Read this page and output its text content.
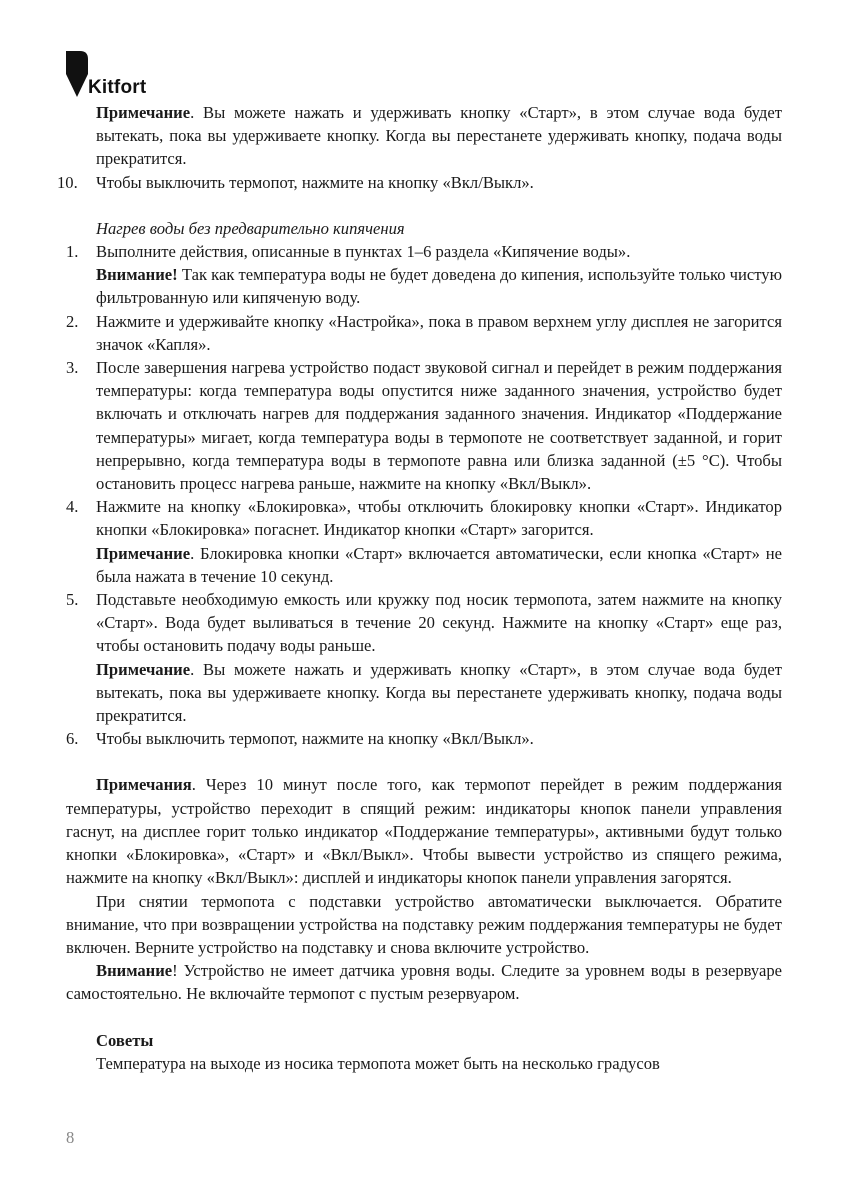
Kitfort

Примечание. Вы можете нажать и удерживать кнопку «Старт», в этом случае вода будет вытекать, пока вы удерживаете кнопку. Когда вы перестанете удерживать кнопку, подача воды прекратится.

10. Чтобы выключить термопот, нажмите на кнопку «Вкл/Выкл».

Нагрев воды без предварительно кипячения

1. Выполните действия, описанные в пунктах 1–6 раздела «Кипячение воды».

Внимание! Так как температура воды не будет доведена до кипения, используйте только чистую фильтрованную или кипяченую воду.

2. Нажмите и удерживайте кнопку «Настройка», пока в правом верхнем углу дисплея не загорится значок «Капля».
3. После завершения нагрева устройство подаст звуковой сигнал и перейдет в режим поддержания температуры: когда температура воды опустится ниже заданного значения, устройство будет включать и отключать нагрев для поддержания заданного значения. Индикатор «Поддержание температуры» мигает, когда температура воды в термопоте не соответствует заданной, и горит непрерывно, когда температура воды в термопоте равна или близка заданной (±5 °C). Чтобы остановить процесс нагрева раньше, нажмите на кнопку «Вкл/Выкл».
4. Нажмите на кнопку «Блокировка», чтобы отключить блокировку кнопки «Старт». Индикатор кнопки «Блокировка» погаснет. Индикатор кнопки «Старт» загорится.

Примечание. Блокировка кнопки «Старт» включается автоматически, если кнопка «Старт» не была нажата в течение 10 секунд.

5. Подставьте необходимую емкость или кружку под носик термопота, затем нажмите на кнопку «Старт». Вода будет выливаться в течение 20 секунд. Нажмите на кнопку «Старт» еще раз, чтобы остановить подачу воды раньше.

Примечание. Вы можете нажать и удерживать кнопку «Старт», в этом случае вода будет вытекать, пока вы удерживаете кнопку. Когда вы перестанете удерживать кнопку, подача воды прекратится.

6. Чтобы выключить термопот, нажмите на кнопку «Вкл/Выкл».

Примечания. Через 10 минут после того, как термопот перейдет в режим поддержания температуры, устройство переходит в спящий режим: индикаторы кнопок панели управления гаснут, на дисплее горит только индикатор «Поддержание температуры», активными будут только кнопки «Блокировка», «Старт» и «Вкл/Выкл». Чтобы вывести устройство из спящего режима, нажмите на кнопку «Вкл/Выкл»: дисплей и индикаторы кнопок панели управления загорятся.

При снятии термопота с подставки устройство автоматически выключается. Обратите внимание, что при возвращении устройства на подставку режим поддержания температуры не будет включен. Верните устройство на подставку и снова включите устройство.

Внимание! Устройство не имеет датчика уровня воды. Следите за уровнем воды в резервуаре самостоятельно. Не включайте термопот с пустым резервуаром.

Советы

Температура на выходе из носика термопота может быть на несколько градусов

8
